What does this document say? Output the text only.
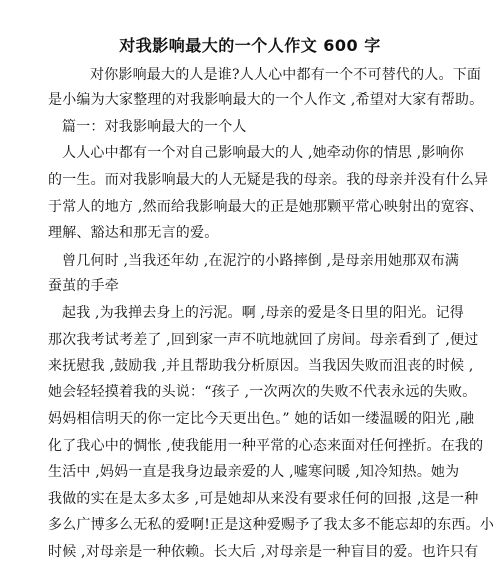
对我影响最大的一个人作文 600 字
对你影响最大的人是谁?人人心中都有一个不可替代的人。下面
是小编为大家整理的对我影响最大的一个人作文 ,希望对大家有帮助。
篇一：对我影响最大的一个人
人人心中都有一个对自己影响最大的人 ,她牵动你的情思 ,影响你
的一生。而对我影响最大的人无疑是我的母亲。我的母亲并没有什么异
于常人的地方 ,然而给我影响最大的正是她那颗平常心映射出的宽容、
理解、豁达和那无言的爱。
曾几何时 ,当我还年幼 ,在泥泞的小路摔倒 ,是母亲用她那双布满
蚕茧的手牵
起我 ,为我掸去身上的污泥。啊 ,母亲的爱是冬日里的阳光。记得
那次我考试考差了 ,回到家一声不吭地就回了房间。母亲看到了 ,便过
来抚慰我 ,鼓励我 ,并且帮助我分析原因。当我因失败而沮丧的时候 ,
她会轻轻摸着我的头说：“孩子 ,一次两次的失败不代表永远的失败。
妈妈相信明天的你一定比今天更出色。” 她的话如一缕温暖的阳光 ,融
化了我心中的惆怅 ,使我能用一种平常的心态来面对任何挫折。在我的
生活中 ,妈妈一直是我身边最亲爱的人 ,嘘寒问暖 ,知冷知热。她为
我做的实在是太多太多 ,可是她却从来没有要求任何的回报 ,这是一种
多么广博多么无私的爱啊!正是这种爱赐予了我太多不能忘却的东西。小
时候 ,对母亲是一种依赖。长大后 ,对母亲是一种盲目的爱。也许只有
